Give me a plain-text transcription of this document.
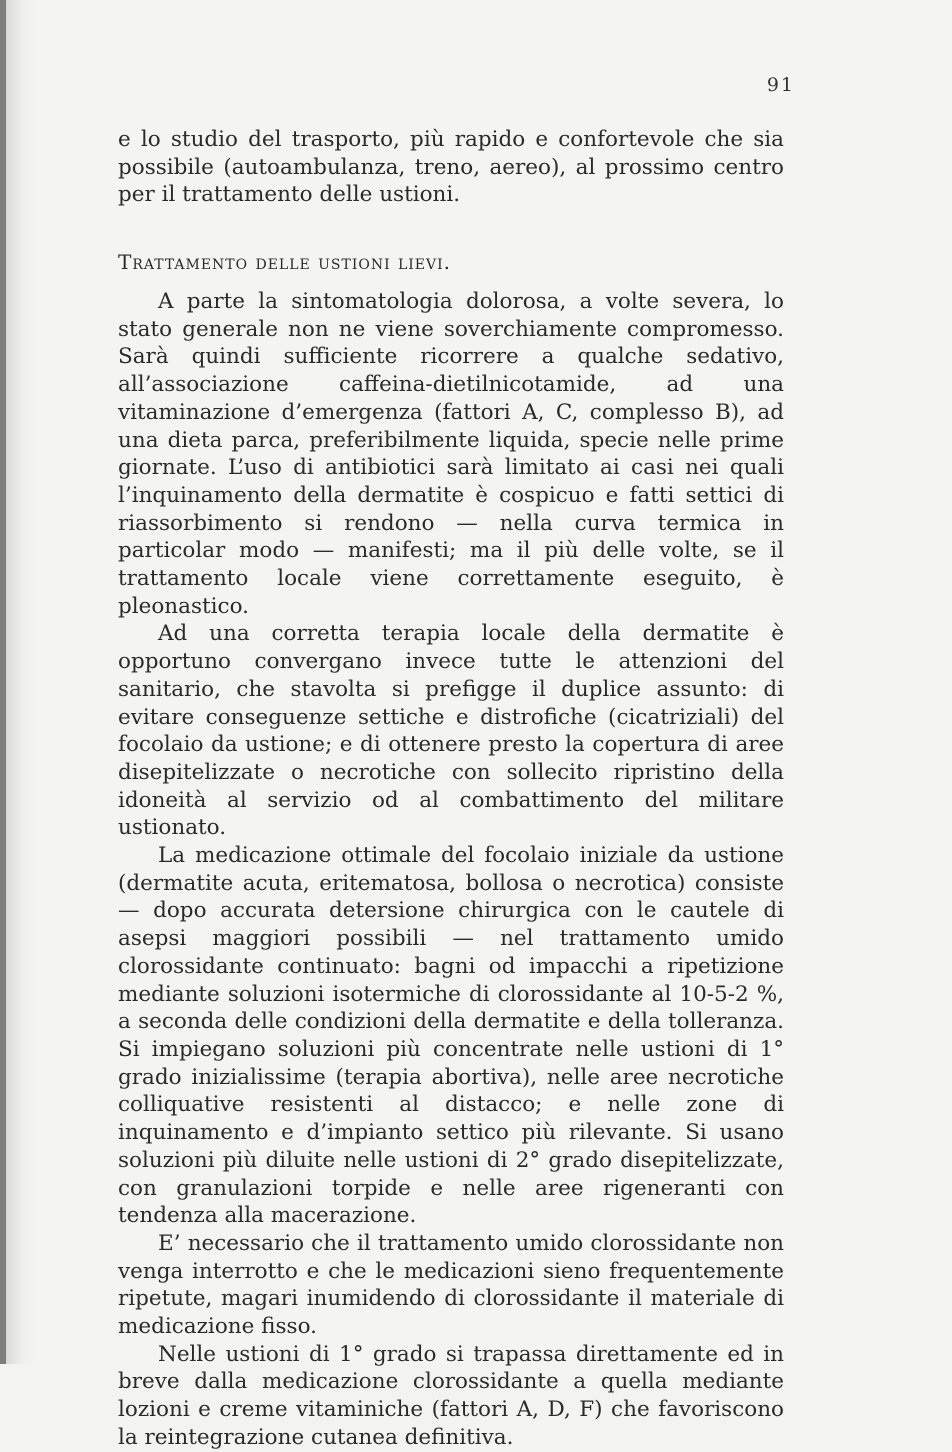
91

e lo studio del trasporto, più rapido e confortevole che sia possibile (autoambulanza, treno, aereo), al prossimo centro per il trattamento delle ustioni.

Trattamento delle ustioni lievi.

A parte la sintomatologia dolorosa, a volte severa, lo stato generale non ne viene soverchiamente compromesso. Sarà quindi sufficiente ricorrere a qualche sedativo, all’associazione caffeina-dietilnicotamide, ad una vitaminazione d’emergenza (fattori A, C, complesso B), ad una dieta parca, preferibilmente liquida, specie nelle prime giornate. L’uso di antibiotici sarà limitato ai casi nei quali l’inquinamento della dermatite è cospicuo e fatti settici di riassorbimento si rendono — nella curva termica in particolar modo — manifesti; ma il più delle volte, se il trattamento locale viene correttamente eseguito, è pleonastico.

Ad una corretta terapia locale della dermatite è opportuno convergano invece tutte le attenzioni del sanitario, che stavolta si prefigge il duplice assunto: di evitare conseguenze settiche e distrofiche (cicatriziali) del focolaio da ustione; e di ottenere presto la copertura di aree disepitelizzate o necrotiche con sollecito ripristino della idoneità al servizio od al combattimento del militare ustionato.

La medicazione ottimale del focolaio iniziale da ustione (dermatite acuta, eritematosa, bollosa o necrotica) consiste — dopo accurata detersione chirurgica con le cautele di asepsi maggiori possibili — nel trattamento umido clorossidante continuato: bagni od impacchi a ripetizione mediante soluzioni isotermiche di clorossidante al 10-5-2 %, a seconda delle condizioni della dermatite e della tolleranza. Si impiegano soluzioni più concentrate nelle ustioni di 1° grado inizialissime (terapia abortiva), nelle aree necrotiche colliquative resistenti al distacco; e nelle zone di inquinamento e d’impianto settico più rilevante. Si usano soluzioni più diluite nelle ustioni di 2° grado disepitelizzate, con granulazioni torpide e nelle aree rigeneranti con tendenza alla macerazione.

E’ necessario che il trattamento umido clorossidante non venga interrotto e che le medicazioni sieno frequentemente ripetute, magari inumidendo di clorossidante il materiale di medicazione fisso.

Nelle ustioni di 1° grado si trapassa direttamente ed in breve dalla medicazione clorossidante a quella mediante lozioni e creme vitaminiche (fattori A, D, F) che favoriscono la reintegrazione cutanea definitiva.
